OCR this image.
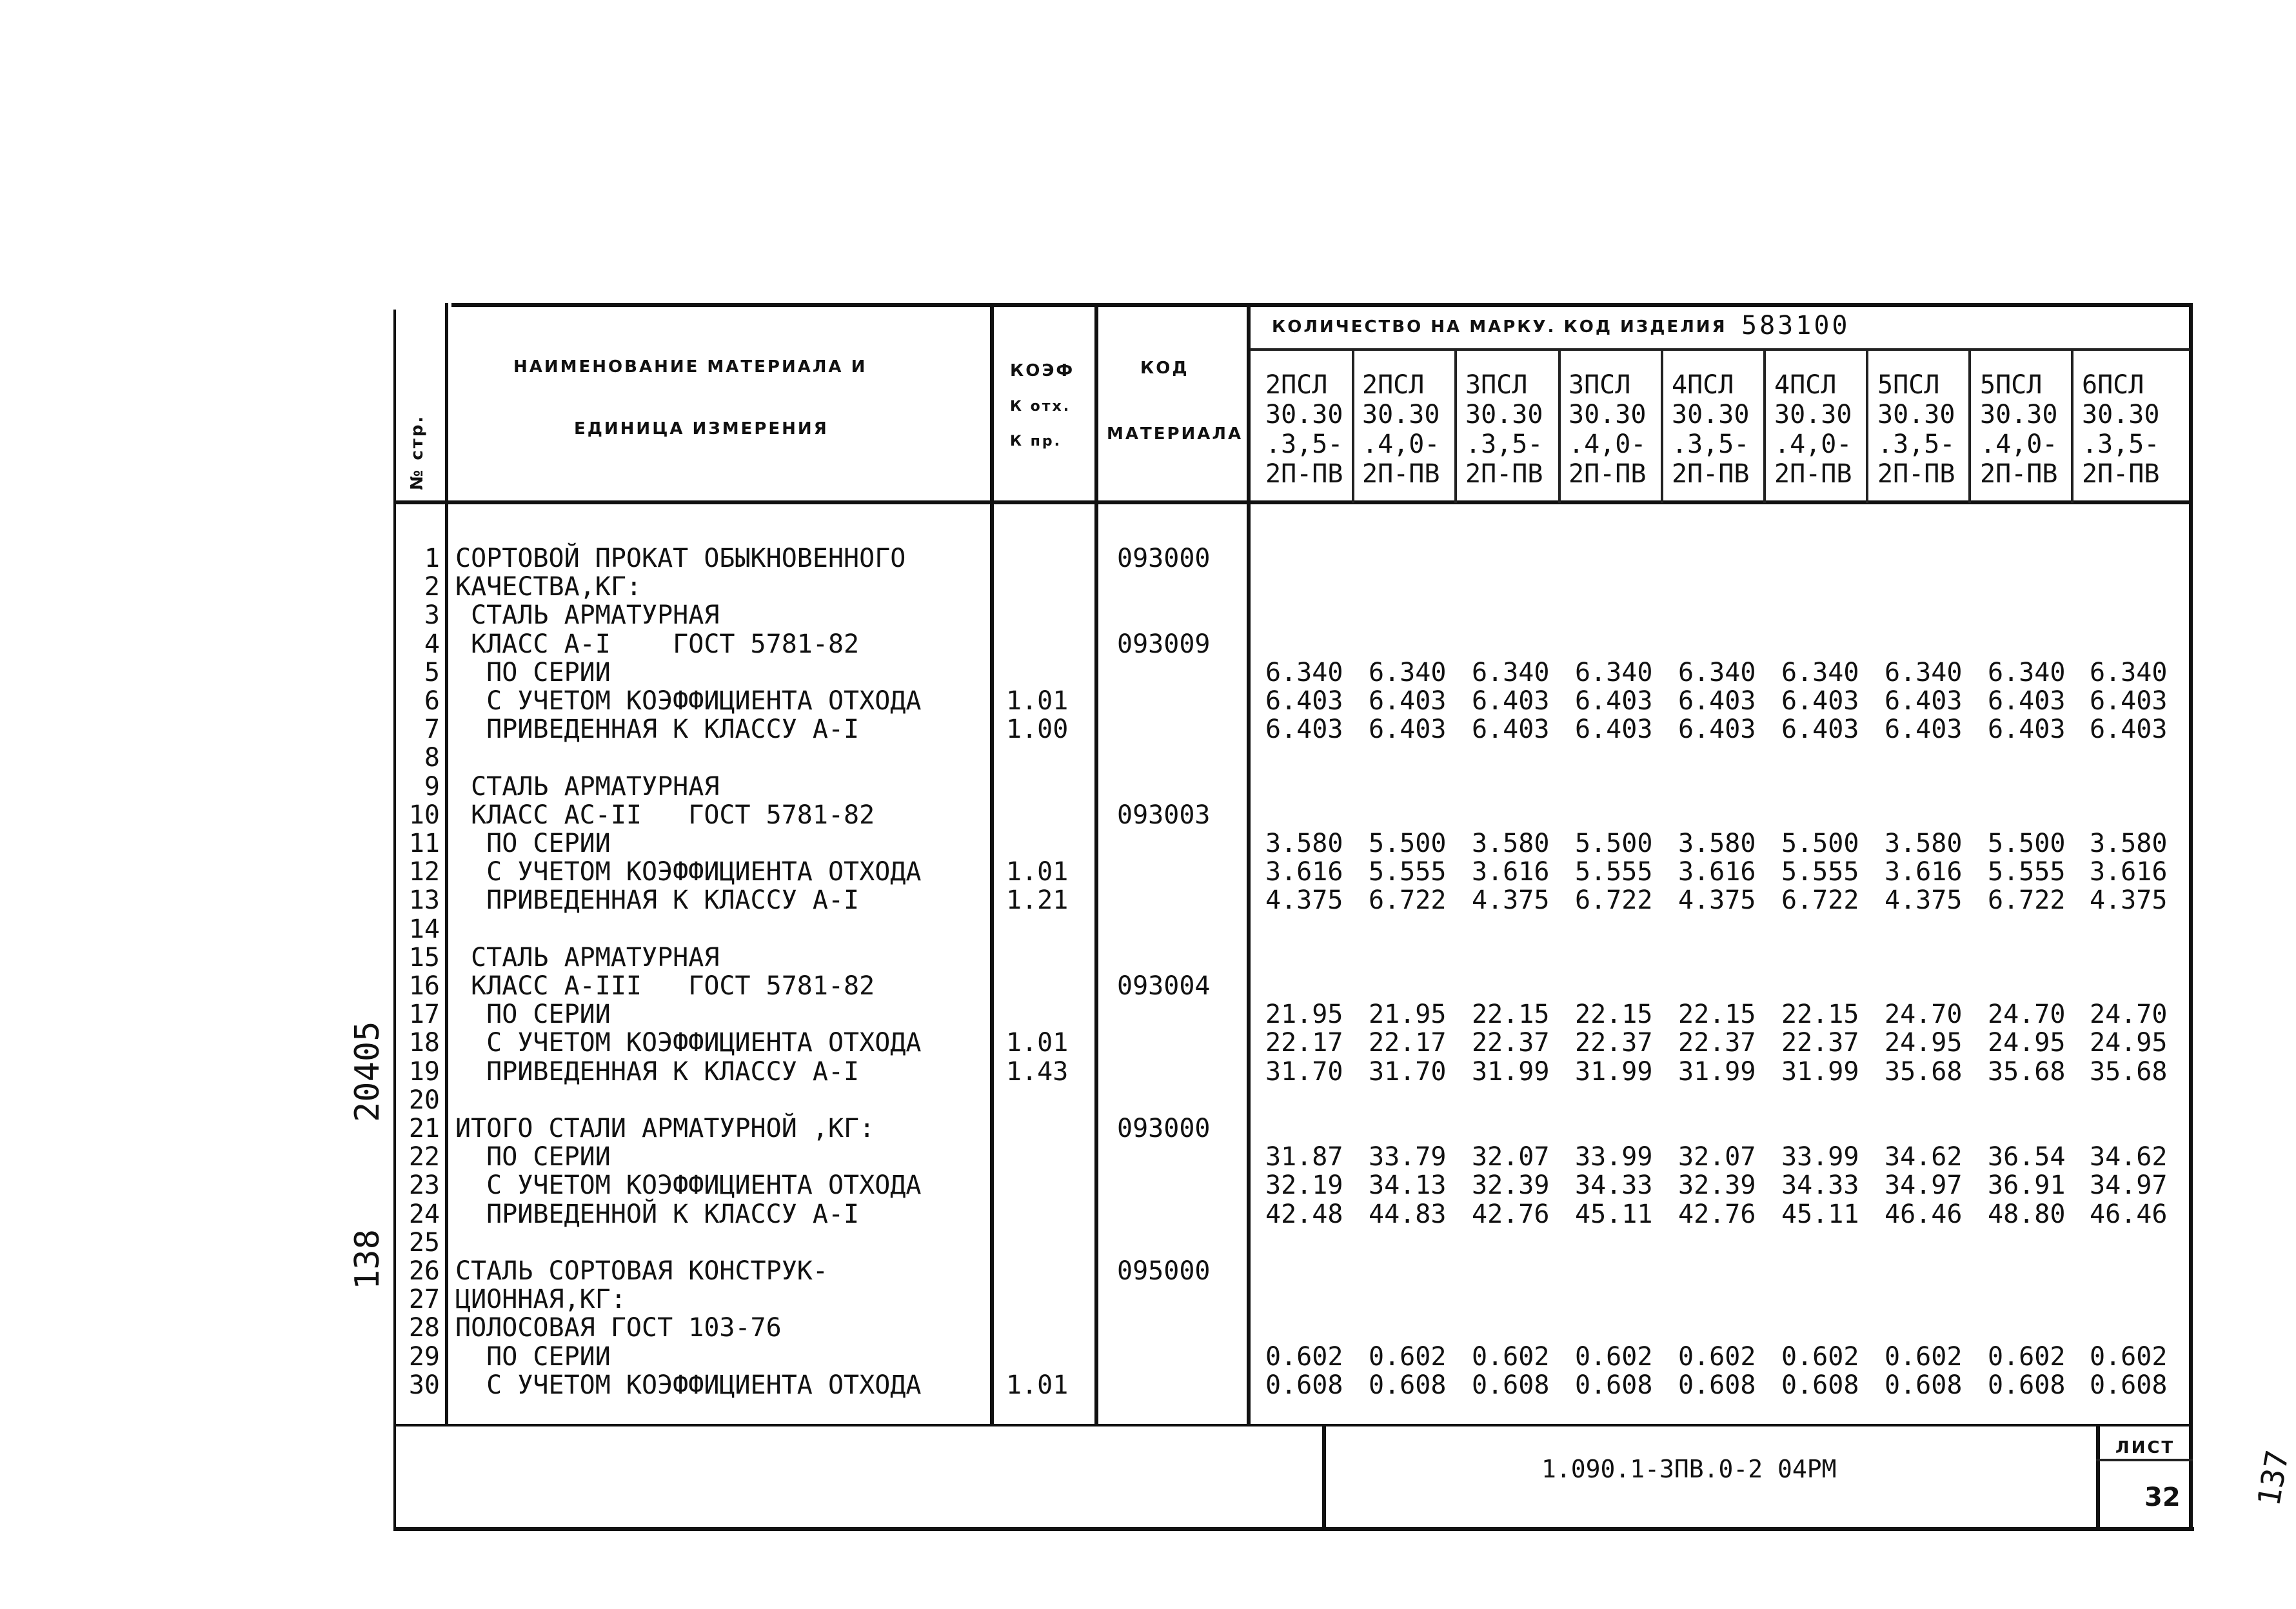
№ стр.
НАИМЕНОВАНИЕ МАТЕРИАЛА И
ЕДИНИЦА ИЗМЕРЕНИЯ
КОЭФ
К отх.
К пр.
КОД
МАТЕРИАЛА
КОЛИЧЕСТВО НА МАРКУ. КОД ИЗДЕЛИЯ 583100
2ПСЛ
30.30
.3,5-
2П-ПВ
2ПСЛ
30.30
.4,0-
2П-ПВ
3ПСЛ
30.30
.3,5-
2П-ПВ
3ПСЛ
30.30
.4,0-
2П-ПВ
4ПСЛ
30.30
.3,5-
2П-ПВ
4ПСЛ
30.30
.4,0-
2П-ПВ
5ПСЛ
30.30
.3,5-
2П-ПВ
5ПСЛ
30.30
.4,0-
2П-ПВ
6ПСЛ
30.30
.3,5-
2П-ПВ
1 СОРТОВОЙ ПРОКАТ ОБЫКНОВЕННОГО	093000
2 КАЧЕСТВА,КГ:
3 СТАЛЬ АРМАТУРНАЯ
4 КЛАСС А-I    ГОСТ 5781-82	093009
5 ПО СЕРИИ	6.340 6.340 6.340 6.340 6.340 6.340 6.340 6.340 6.340
6 С УЧЕТОМ КОЭФФИЦИЕНТА ОТХОДА	1.01	6.403 6.403 6.403 6.403 6.403 6.403 6.403 6.403 6.403
7 ПРИВЕДЕННАЯ К КЛАССУ А-I	1.00	6.403 6.403 6.403 6.403 6.403 6.403 6.403 6.403 6.403
8
9 СТАЛЬ АРМАТУРНАЯ
10 КЛАСС АС-II   ГОСТ 5781-82	093003
11 ПО СЕРИИ	3.580 5.500 3.580 5.500 3.580 5.500 3.580 5.500 3.580
12 С УЧЕТОМ КОЭФФИЦИЕНТА ОТХОДА	1.01	3.616 5.555 3.616 5.555 3.616 5.555 3.616 5.555 3.616
13 ПРИВЕДЕННАЯ К КЛАССУ А-I	1.21	4.375 6.722 4.375 6.722 4.375 6.722 4.375 6.722 4.375
14
15 СТАЛЬ АРМАТУРНАЯ
16 КЛАСС А-III   ГОСТ 5781-82	093004
17 ПО СЕРИИ	21.95 21.95 22.15 22.15 22.15 22.15 24.70 24.70 24.70
18 С УЧЕТОМ КОЭФФИЦИЕНТА ОТХОДА	1.01	22.17 22.17 22.37 22.37 22.37 22.37 24.95 24.95 24.95
19 ПРИВЕДЕННАЯ К КЛАССУ А-I	1.43	31.70 31.70 31.99 31.99 31.99 31.99 35.68 35.68 35.68
20
21 ИТОГО СТАЛИ АРМАТУРНОЙ ,КГ:	093000
22 ПО СЕРИИ	31.87 33.79 32.07 33.99 32.07 33.99 34.62 36.54 34.62
23 С УЧЕТОМ КОЭФФИЦИЕНТА ОТХОДА	32.19 34.13 32.39 34.33 32.39 34.33 34.97 36.91 34.97
24 ПРИВЕДЕННОЙ К КЛАССУ А-I	42.48 44.83 42.76 45.11 42.76 45.11 46.46 48.80 46.46
25
26 СТАЛЬ СОРТОВАЯ КОНСТРУК-	095000
27 ЦИОННАЯ,КГ:
28 ПОЛОСОВАЯ ГОСТ 103-76
29 ПО СЕРИИ	0.602 0.602 0.602 0.602 0.602 0.602 0.602 0.602 0.602
30 С УЧЕТОМ КОЭФФИЦИЕНТА ОТХОДА	1.01	0.608 0.608 0.608 0.608 0.608 0.608 0.608 0.608 0.608
1.090.1-3ПВ.0-2 04РМ
ЛИСТ
32
20405
138
137
